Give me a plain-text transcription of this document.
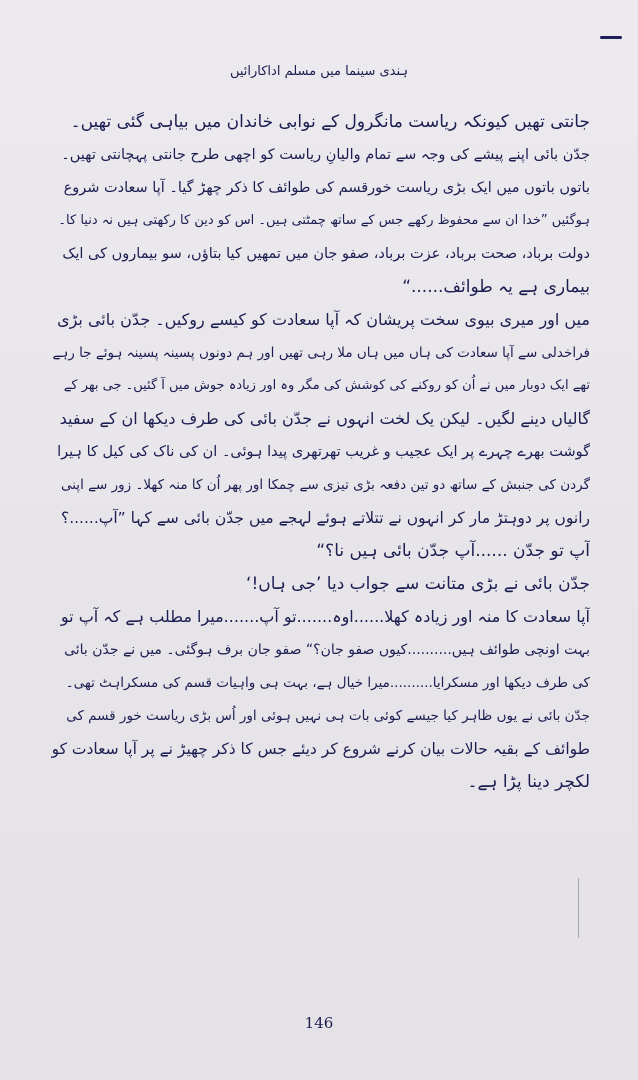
ہندی سینما میں مسلم اداکارائیں
جانتی تھیں کیونکہ ریاست مانگرول کے نوابی خاندان میں بیاہی گئی تھیں۔
جدّن بائی اپنے پیشے کی وجہ سے تمام والیانِ ریاست کو اچھی طرح جانتی پہچانتی تھیں۔
باتوں باتوں میں ایک بڑی ریاست خورقسم کی طوائف کا ذکر چھڑ گیا۔ آپا سعادت شروع
ہوگئیں ”خدا ان سے محفوظ رکھے جس کے ساتھ چمٹتی ہیں۔ اس کو دین کا رکھتی ہیں نہ دنیا کا۔
دولت برباد، صحت برباد، عزت برباد، صفو جان میں تمھیں کیا بتاؤں، سو بیماروں کی ایک
بیماری ہے یہ طوائف......“
میں اور میری بیوی سخت پریشان کہ آپا سعادت کو کیسے روکیں۔ جدّن بائی بڑی
فراخدلی سے آپا سعادت کی ہاں میں ہاں ملا رہی تھیں اور ہم دونوں پسینہ پسینہ ہوئے جا رہے
تھے ایک دوبار میں نے اُن کو روکنے کی کوشش کی مگر وہ اور زیادہ جوش میں آ گئیں۔ جی بھر کے
گالیاں دینے لگیں۔ لیکن یک لخت انہوں نے جدّن بائی کی طرف دیکھا ان کے سفید
گوشت بھرے چہرے پر ایک عجیب و غریب تھرتھری پیدا ہوئی۔ ان کی ناک کی کیل کا ہیرا
گردن کی جنبش کے ساتھ دو تین دفعہ بڑی تیزی سے چمکا اور پھر اُن کا منہ کھلا۔ زور سے اپنی
رانوں پر دوہتڑ مار کر انہوں نے تتلاتے ہوئے لہجے میں جدّن بائی سے کہا ”آپ......؟
آپ تو جدّن ......آپ جدّن بائی ہیں نا؟“
جدّن بائی نے بڑی متانت سے جواب دیا ’جی ہاں!‘
آپا سعادت کا منہ اور زیادہ کھلا......اوہ.......تو آپ.......میرا مطلب ہے کہ آپ تو
بہت اونچی طوائف ہیں..........کیوں صفو جان؟“ صفو جان برف ہوگئی۔ میں نے جدّن بائی
کی طرف دیکھا اور مسکرایا..........میرا خیال ہے، بہت ہی واہیات قسم کی مسکراہٹ تھی۔
جدّن بائی نے یوں ظاہر کیا جیسے کوئی بات ہی نہیں ہوئی اور اُس بڑی ریاست خور قسم کی
طوائف کے بقیہ حالات بیان کرنے شروع کر دیئے جس کا ذکر چھیڑ نے پر آپا سعادت کو
لکچر دینا پڑا ہے۔
146
